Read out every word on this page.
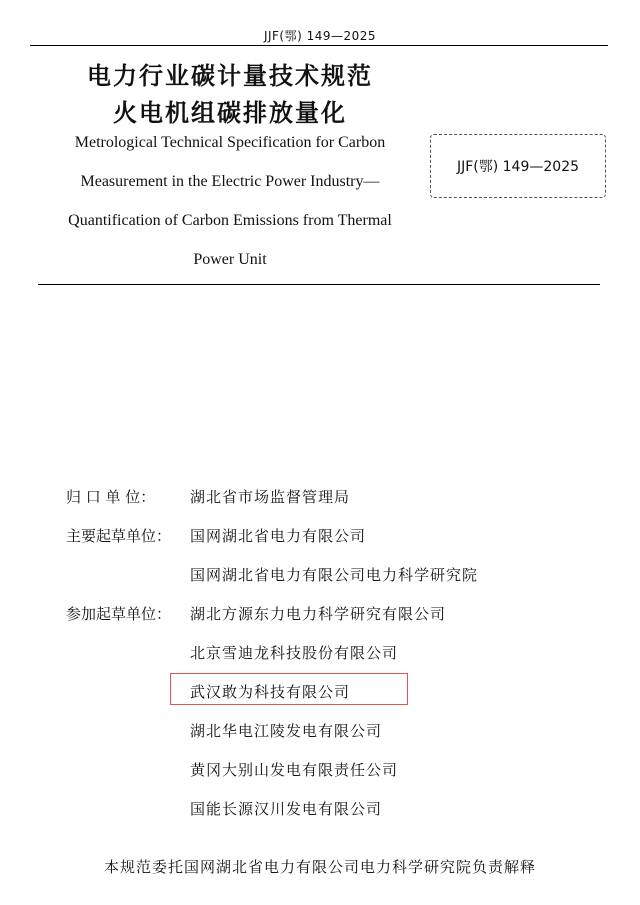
JJF(鄂) 149—2025
电力行业碳计量技术规范
火电机组碳排放量化
Metrological Technical Specification for Carbon
Measurement in the Electric Power Industry—
Quantification of Carbon Emissions from Thermal
Power Unit
JJF(鄂) 149—2025
归 口 单 位： 湖北省市场监督管理局
主要起草单位： 国网湖北省电力有限公司
国网湖北省电力有限公司电力科学研究院
参加起草单位： 湖北方源东力电力科学研究有限公司
北京雪迪龙科技股份有限公司
武汉敢为科技有限公司
湖北华电江陵发电有限公司
黄冈大别山发电有限责任公司
国能长源汉川发电有限公司
本规范委托国网湖北省电力有限公司电力科学研究院负责解释
